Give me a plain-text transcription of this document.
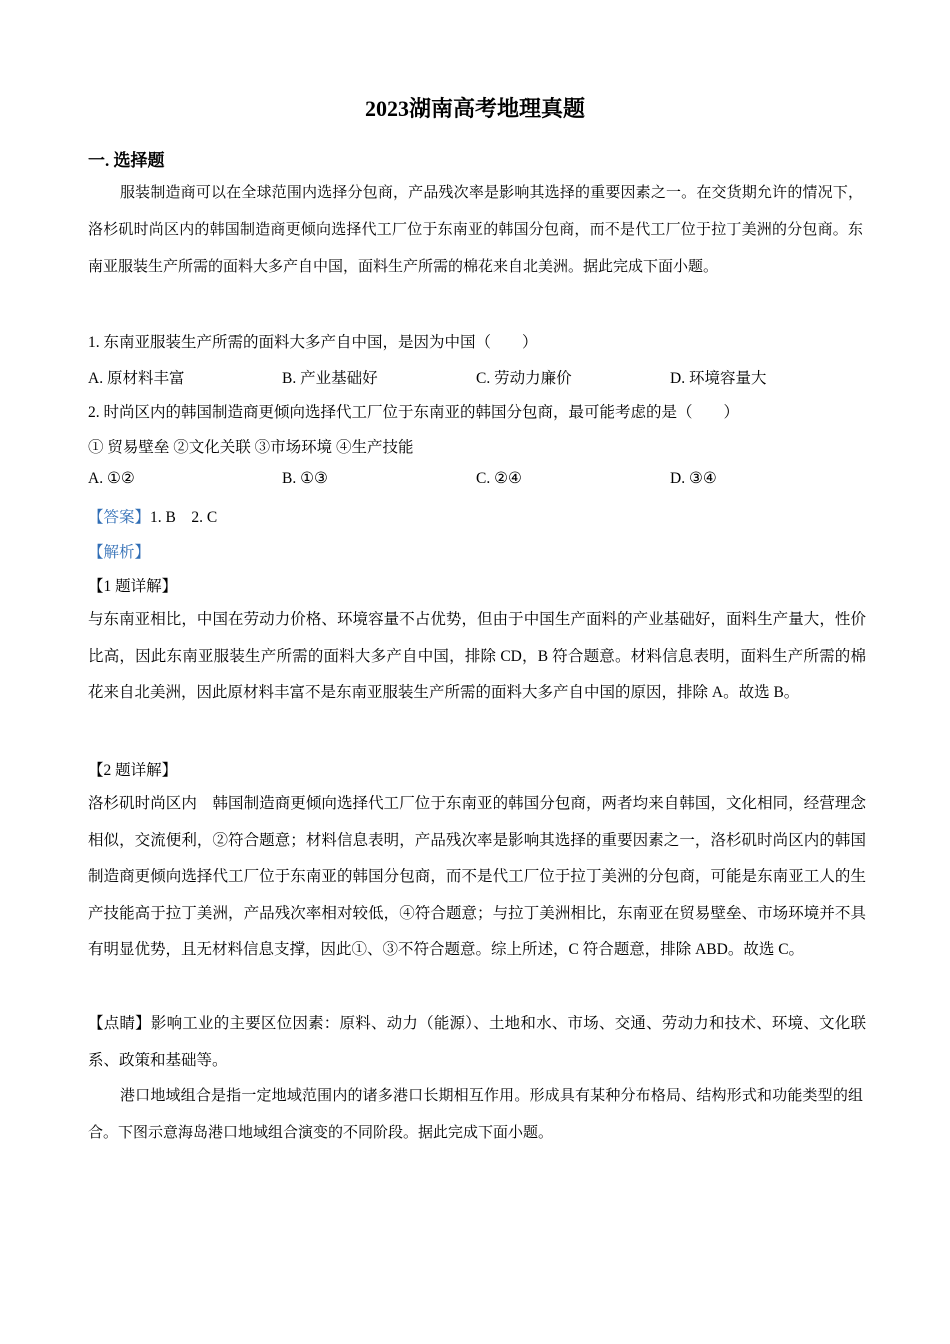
2023湖南高考地理真题
一. 选择题

服装制造商可以在全球范围内选择分包商，产品残次率是影响其选择的重要因素之一。在交货期允许的情况下，洛杉矶时尚区内的韩国制造商更倾向选择代工厂位于东南亚的韩国分包商，而不是代工厂位于拉丁美洲的分包商。东南亚服装生产所需的面料大多产自中国，面料生产所需的棉花来自北美洲。据此完成下面小题。

1. 东南亚服装生产所需的面料大多产自中国，是因为中国（　　）
A. 原材料丰富	B. 产业基础好	C. 劳动力廉价	D. 环境容量大
2. 时尚区内的韩国制造商更倾向选择代工厂位于东南亚的韩国分包商，最可能考虑的是（　　）
① 贸易壁垒 ②文化关联 ③市场环境 ④生产技能
A. ①②	B. ①③	C. ②④	D. ③④
【答案】1. B    2. C
【解析】
【1 题详解】

与东南亚相比，中国在劳动力价格、环境容量不占优势，但由于中国生产面料的产业基础好，面料生产量大，性价比高，因此东南亚服装生产所需的面料大多产自中国，排除 CD，B 符合题意。材料信息表明，面料生产所需的棉花来自北美洲，因此原材料丰富不是东南亚服装生产所需的面料大多产自中国的原因，排除 A。故选 B。

【2 题详解】

洛杉矶时尚区内　韩国制造商更倾向选择代工厂位于东南亚的韩国分包商，两者均来自韩国，文化相同，经营理念相似，交流便利，②符合题意；材料信息表明，产品残次率是影响其选择的重要因素之一，洛杉矶时尚区内的韩国制造商更倾向选择代工厂位于东南亚的韩国分包商，而不是代工厂位于拉丁美洲的分包商，可能是东南亚工人的生产技能高于拉丁美洲，产品残次率相对较低，④符合题意；与拉丁美洲相比，东南亚在贸易壁垒、市场环境并不具有明显优势，且无材料信息支撑，因此①、③不符合题意。综上所述，C 符合题意，排除 ABD。故选 C。

【点睛】影响工业的主要区位因素：原料、动力（能源）、土地和水、市场、交通、劳动力和技术、环境、文化联系、政策和基础等。

港口地域组合是指一定地域范围内的诸多港口长期相互作用。形成具有某种分布格局、结构形式和功能类型的组合。下图示意海岛港口地域组合演变的不同阶段。据此完成下面小题。
